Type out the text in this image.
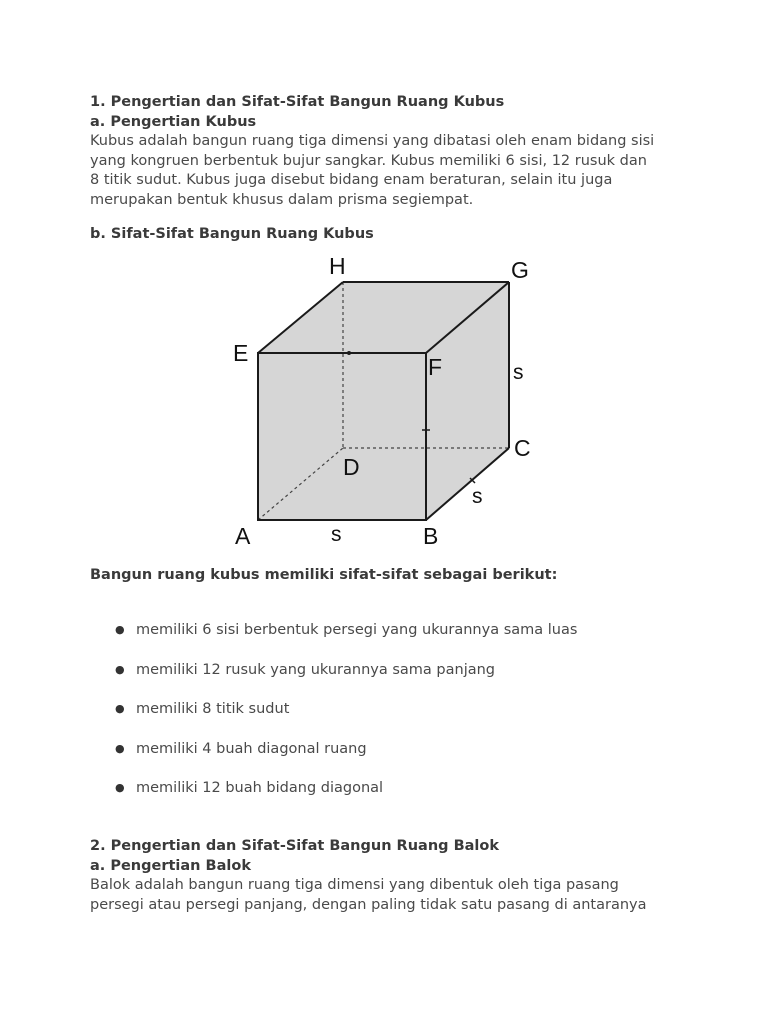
1. Pengertian dan Sifat-Sifat Bangun Ruang Kubus
a. Pengertian Kubus
Kubus adalah bangun ruang tiga dimensi yang dibatasi oleh enam bidang sisi
yang kongruen berbentuk bujur sangkar. Kubus memiliki 6 sisi, 12 rusuk dan
8 titik sudut. Kubus juga disebut bidang enam beraturan, selain itu juga
merupakan bentuk khusus dalam prisma segiempat.
b. Sifat-Sifat Bangun Ruang Kubus
H	G
E
F
C
D
A	B
s
s
s
Bangun ruang kubus memiliki sifat-sifat sebagai berikut:
● memiliki 6 sisi berbentuk persegi yang ukurannya sama luas
● memiliki 12 rusuk yang ukurannya sama panjang
● memiliki 8 titik sudut
● memiliki 4 buah diagonal ruang
● memiliki 12 buah bidang diagonal
2. Pengertian dan Sifat-Sifat Bangun Ruang Balok
a. Pengertian Balok
Balok adalah bangun ruang tiga dimensi yang dibentuk oleh tiga pasang
persegi atau persegi panjang, dengan paling tidak satu pasang di antaranya
